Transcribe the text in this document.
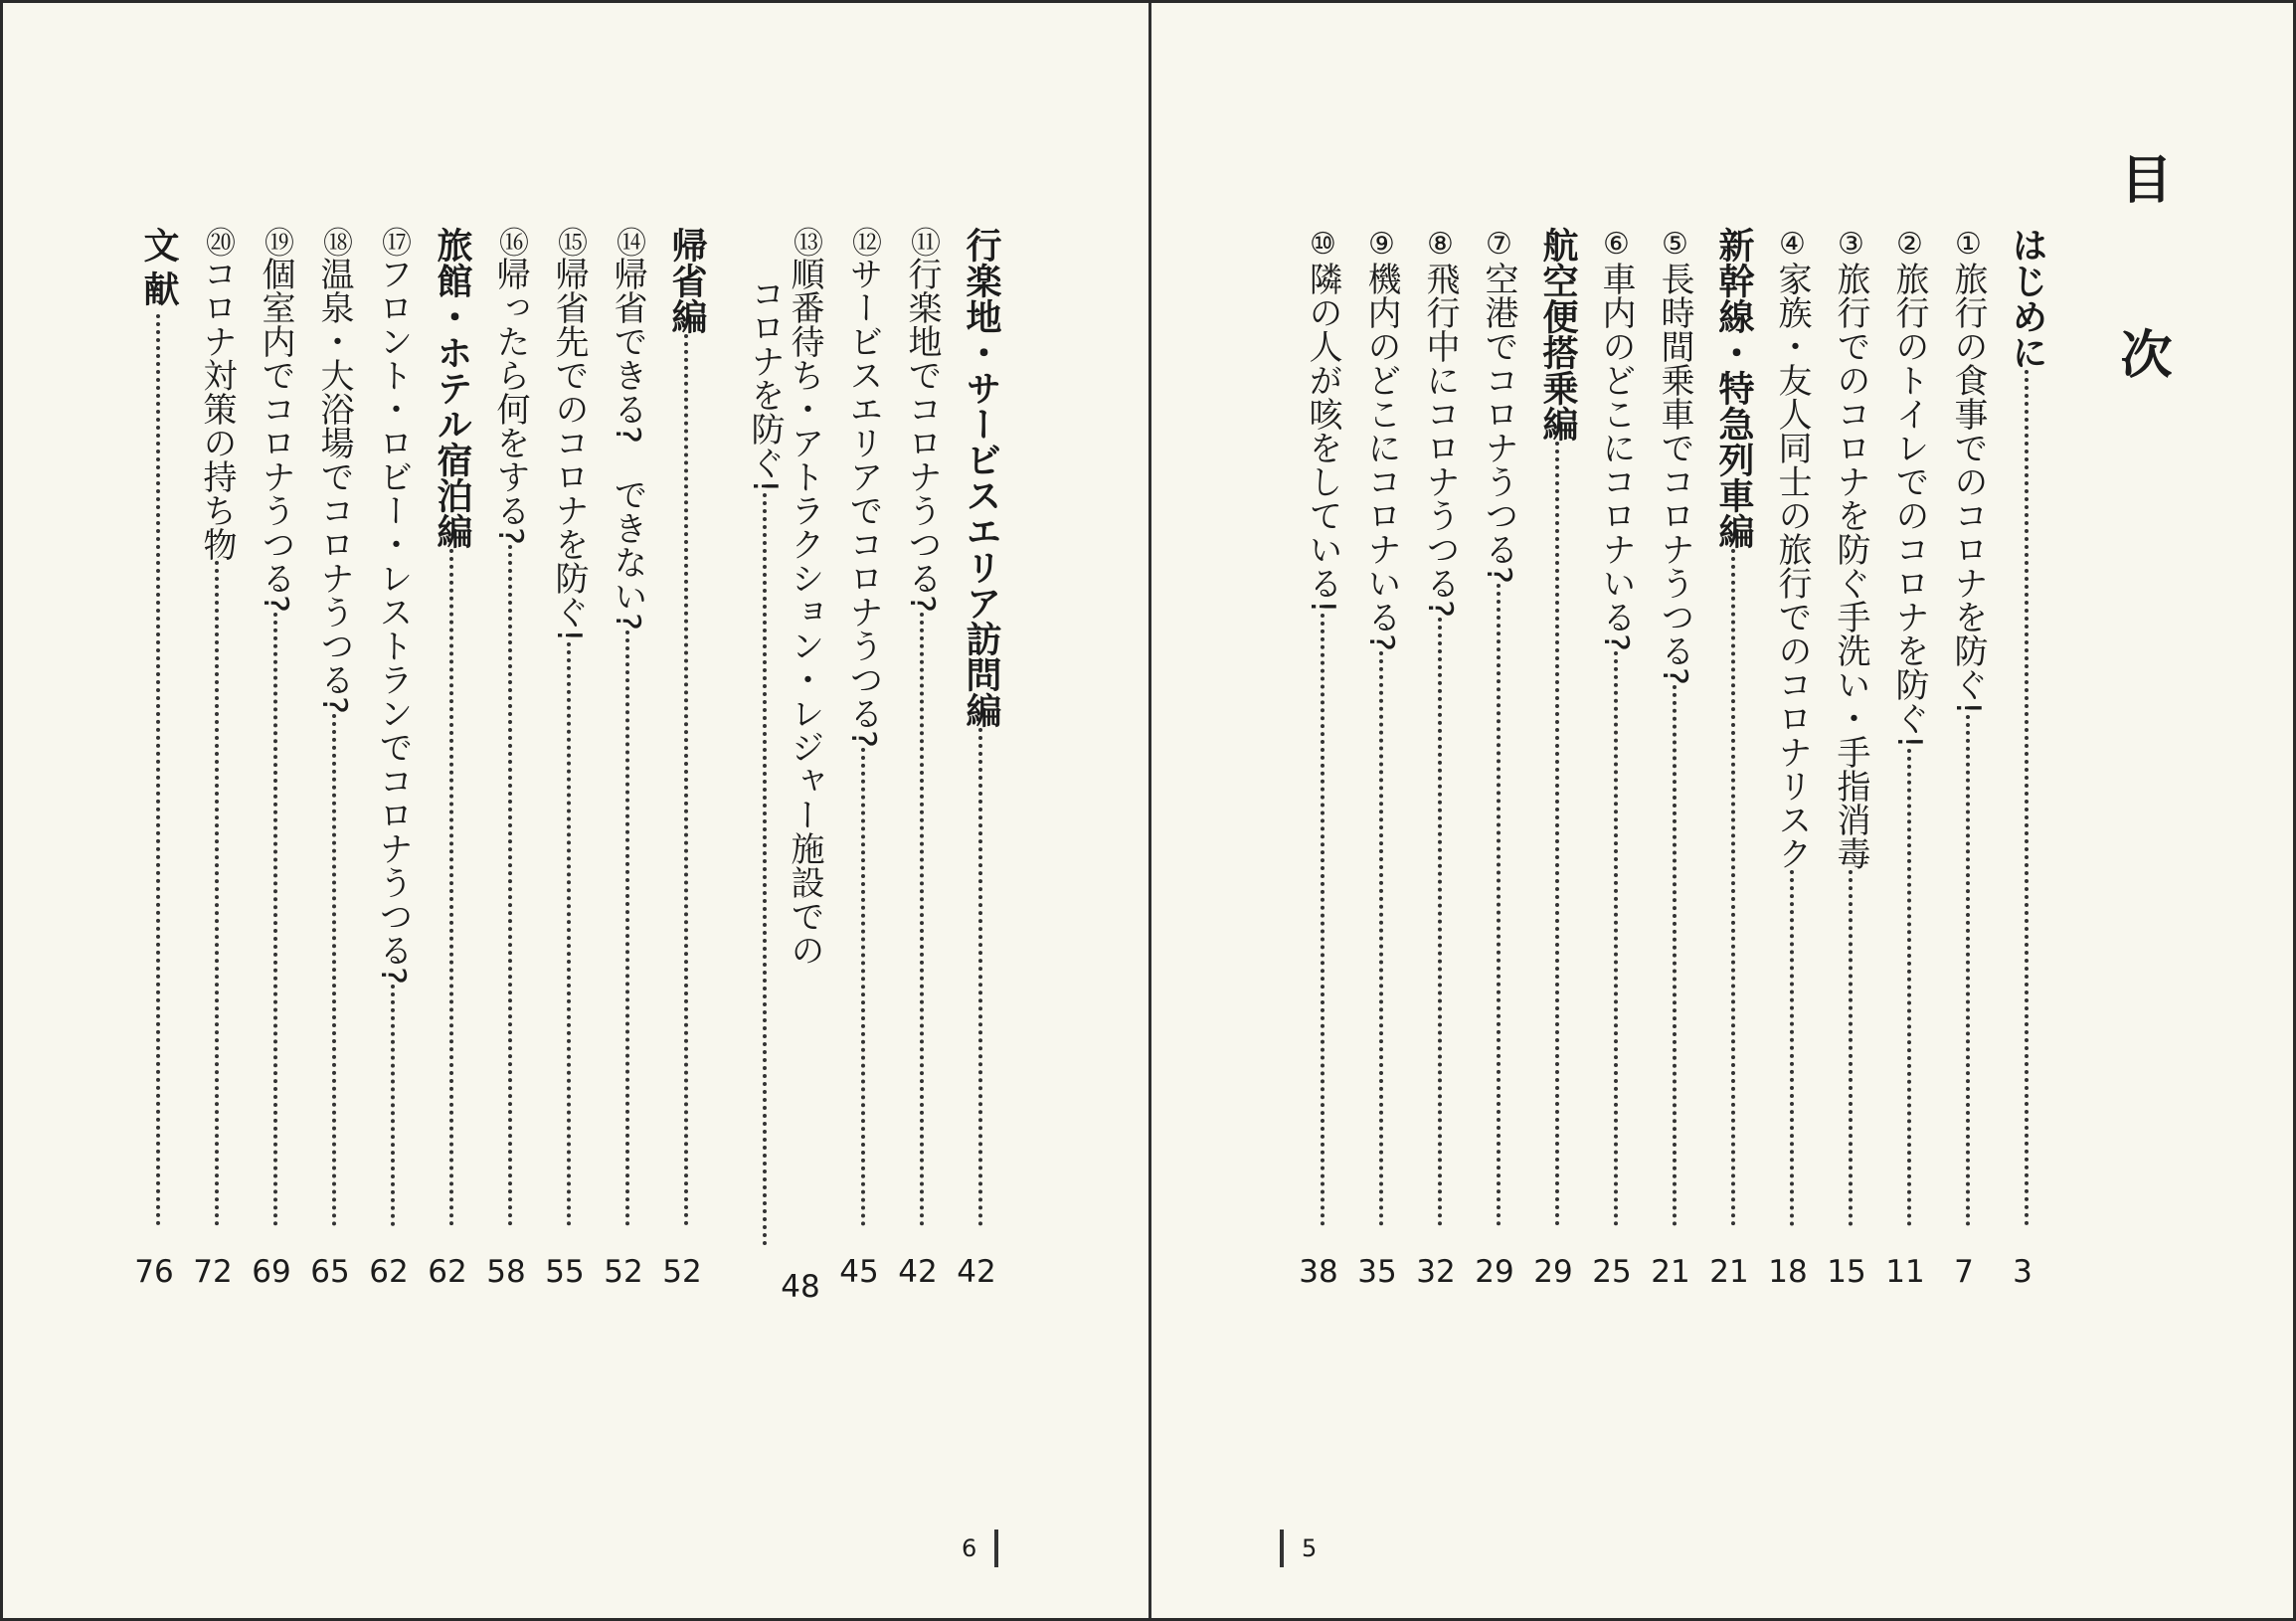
行楽地・サービスエリア訪問編
42
⑪
行楽地でコロナうつる?
42
⑫
サービスエリアでコロナうつる?
45
⑬
順番待ち・アトラクション・レジャー施設での
コロナを防ぐ!
48
帰省編
52
⑭
帰省できる?　できない?
52
⑮
帰省先でのコロナを防ぐ!
55
⑯
帰ったら何をする?
58
旅館・ホテル宿泊編
62
⑰
フロント・ロビー・レストランでコロナうつる?
62
⑱
温泉・大浴場でコロナうつる?
65
⑲
個室内でコロナうつる?
69
⑳
コロナ対策の持ち物
72
文献
76
6
目　次
はじめに
3
①
旅行の食事でのコロナを防ぐ!
7
②
旅行のトイレでのコロナを防ぐ!
11
③
旅行でのコロナを防ぐ手洗い・手指消毒
15
④
家族・友人同士の旅行でのコロナリスク
18
新幹線・特急列車編
21
⑤
長時間乗車でコロナうつる?
21
⑥
車内のどこにコロナいる?
25
航空便搭乗編
29
⑦
空港でコロナうつる?
29
⑧
飛行中にコロナうつる?
32
⑨
機内のどこにコロナいる?
35
⑩
隣の人が咳をしている!
38
5
